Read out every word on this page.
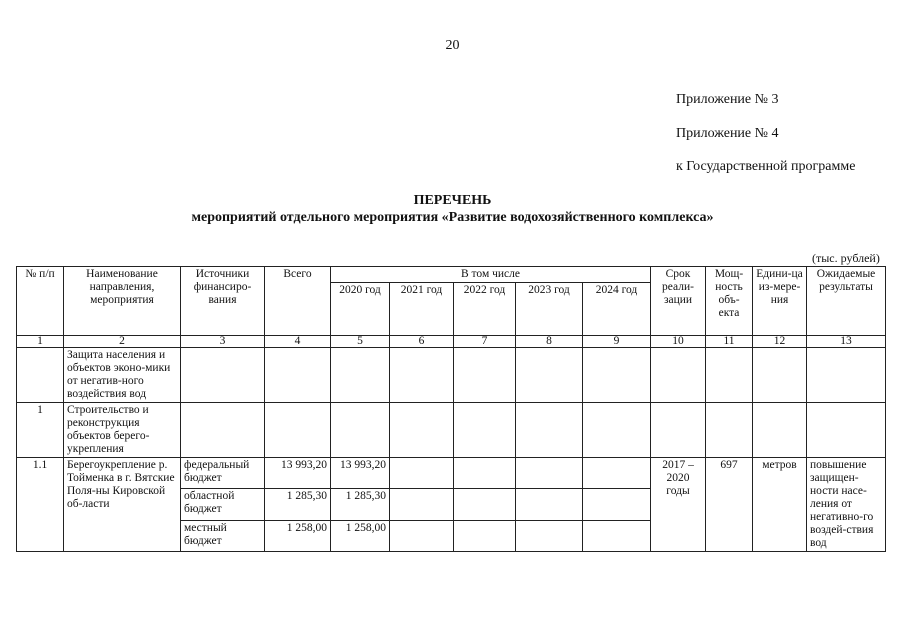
20
Приложение № 3
Приложение № 4
к Государственной программе
ПЕРЕЧЕНЬ
мероприятий отдельного мероприятия «Развитие водохозяйственного комплекса»
(тыс. рублей)
№ п/п	Наименование направления, мероприятия	Источники финансиро-вания	Всего	В том числе					Срок реали-зации	Мощ-ность объ-екта	Едини-ца из-мере-ния	Ожидаемые результаты
				2020 год	2021 год	2022 год	2023 год	2024 год				
1	2	3	4	5	6	7	8	9	10	11	12	13
	Защита населения и объектов эконо-мики от негатив-ного воздействия вод											
1	Строительство и реконструкция объектов берего-укрепления											
1.1	Берегоукрепление р. Тойменка в г. Вятские Поля-ны Кировской об-ласти	федеральный бюджет	13 993,20	13 993,20					2017 – 2020 годы	697	метров	повышение защищен-ности насе-ления от негативно-го воздей-ствия вод
		областной бюджет	1 285,30	1 285,30								
		местный бюджет	1 258,00	1 258,00								
